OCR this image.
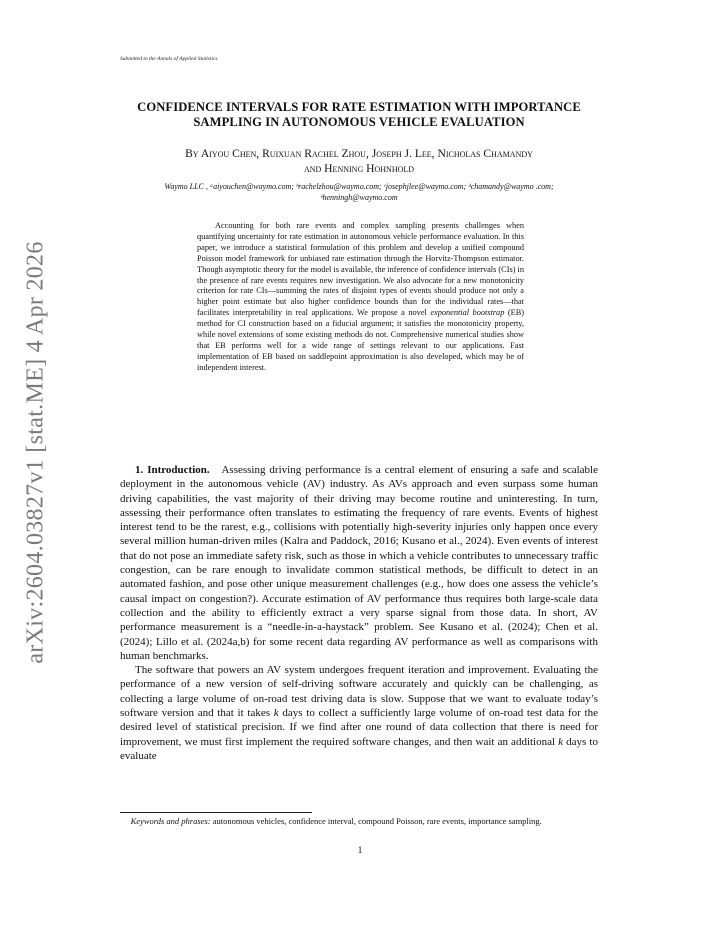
arXiv:2604.03827v1 [stat.ME] 4 Apr 2026
Submitted to the Annals of Applied Statistics
CONFIDENCE INTERVALS FOR RATE ESTIMATION WITH IMPORTANCE
SAMPLING IN AUTONOMOUS VEHICLE EVALUATION
By Aiyou Chen, Ruixuan Rachel Zhou, Joseph J. Lee, Nicholas Chamandy
and Henning Hohnhold
Waymo LLC , ᵃaiyouchen@waymo.com; ᵇrachelzhou@waymo.com; ᶜjosephjlee@waymo.com; ᵈchamandy@waymo .com;
ᵉhenningh@waymo.com

Accounting for both rare events and complex sampling presents challenges when quantifying uncertainty for rate estimation in autonomous vehicle performance evaluation. In this paper, we introduce a statistical formulation of this problem and develop a unified compound Poisson model framework for unbiased rate estimation through the Horvitz-Thompson estimator. Though asymptotic theory for the model is available, the inference of confidence intervals (CIs) in the presence of rare events requires new investigation. We also advocate for a new monotonicity criterion for rate CIs—summing the rates of disjoint types of events should produce not only a higher point estimate but also higher confidence bounds than for the individual rates—that facilitates interpretability in real applications. We propose a novel exponential bootstrap (EB) method for CI construction based on a fiducial argument; it satisfies the monotonicity property, while novel extensions of some existing methods do not. Comprehensive numerical studies show that EB performs well for a wide range of settings relevant to our applications. Fast implementation of EB based on saddlepoint approximation is also developed, which may be of independent interest.

1. Introduction. Assessing driving performance is a central element of ensuring a safe and scalable deployment in the autonomous vehicle (AV) industry. As AVs approach and even surpass some human driving capabilities, the vast majority of their driving may become routine and uninteresting. In turn, assessing their performance often translates to estimating the frequency of rare events. Events of highest interest tend to be the rarest, e.g., collisions with potentially high-severity injuries only happen once every several million human-driven miles (Kalra and Paddock, 2016; Kusano et al., 2024). Even events of interest that do not pose an immediate safety risk, such as those in which a vehicle contributes to unnecessary traffic congestion, can be rare enough to invalidate common statistical methods, be difficult to detect in an automated fashion, and pose other unique measurement challenges (e.g., how does one assess the vehicle’s causal impact on congestion?). Accurate estimation of AV performance thus requires both large-scale data collection and the ability to efficiently extract a very sparse signal from those data. In short, AV performance measurement is a “needle-in-a-haystack” problem. See Kusano et al. (2024); Chen et al. (2024); Lillo et al. (2024a,b) for some recent data regarding AV performance as well as comparisons with human benchmarks.

The software that powers an AV system undergoes frequent iteration and improvement. Evaluating the performance of a new version of self-driving software accurately and quickly can be challenging, as collecting a large volume of on-road test driving data is slow. Suppose that we want to evaluate today’s software version and that it takes k days to collect a sufficiently large volume of on-road test data for the desired level of statistical precision. If we find after one round of data collection that there is need for improvement, we must first implement the required software changes, and then wait an additional k days to evaluate

Keywords and phrases: autonomous vehicles, confidence interval, compound Poisson, rare events, importance sampling.
1
